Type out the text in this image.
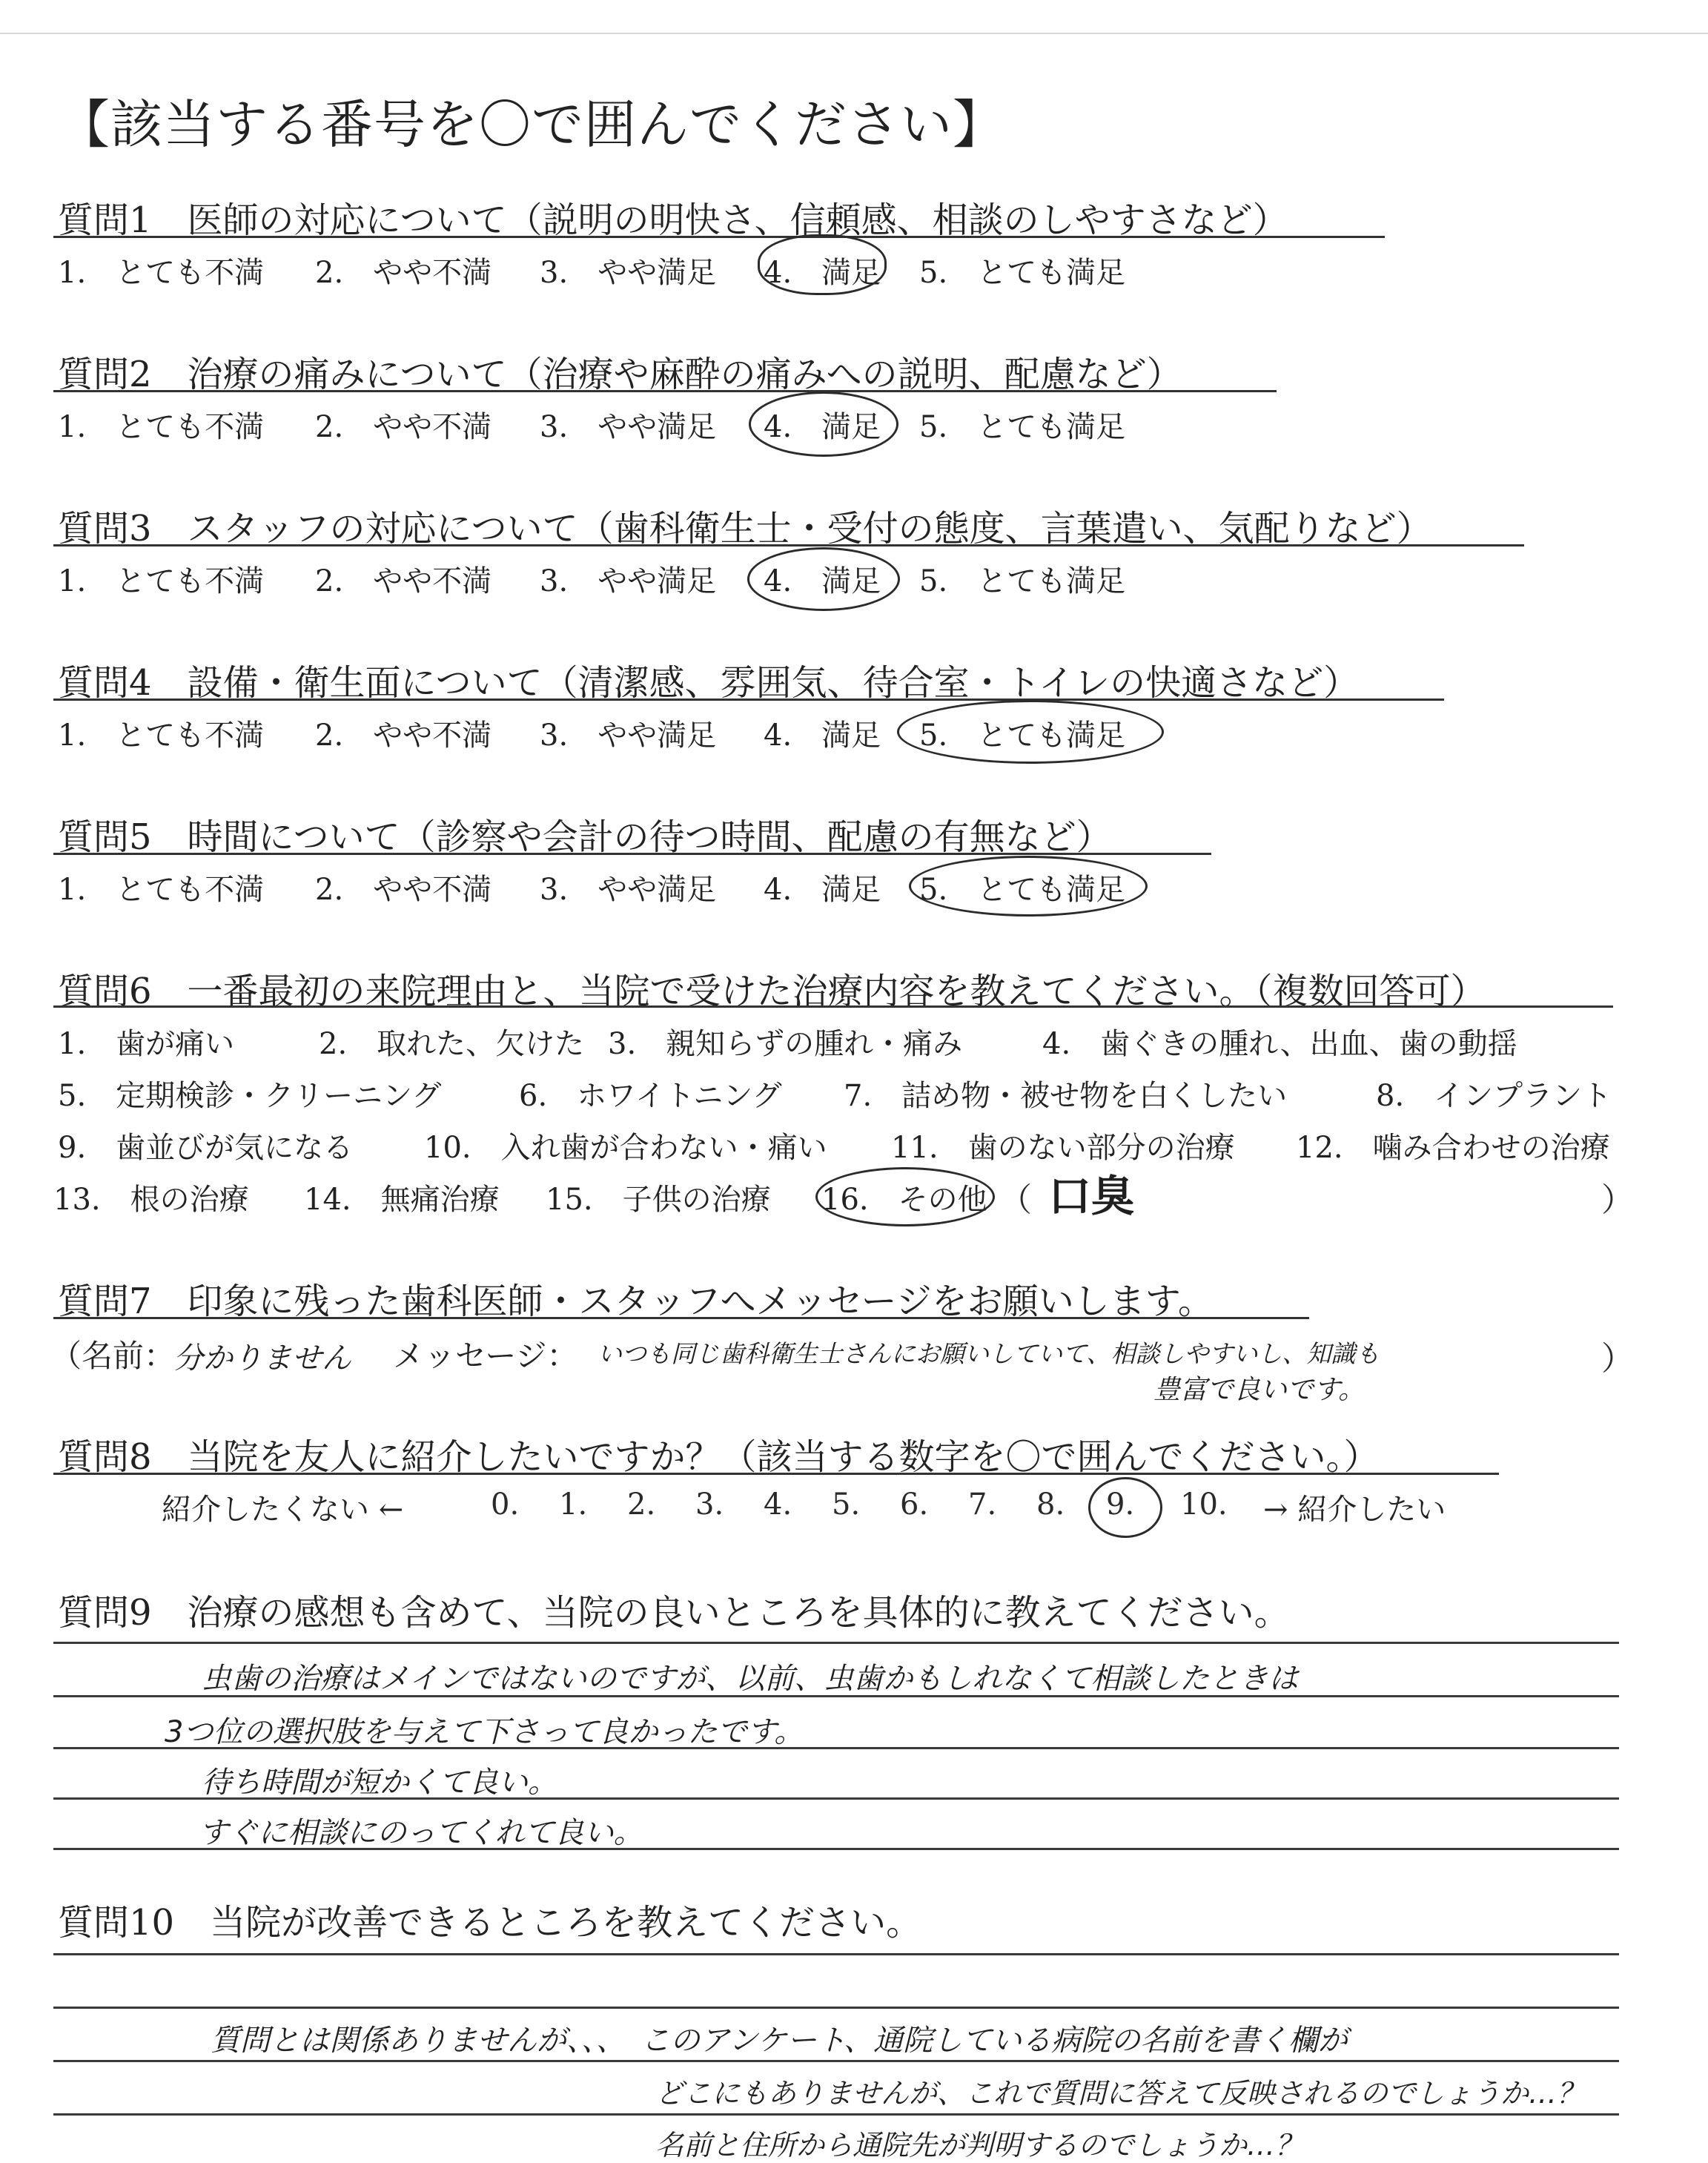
【該当する番号を〇で囲んでください】
質問1　医師の対応について（説明の明快さ、信頼感、相談のしやすさなど）
1.　とても不満 2.　やや不満 3.　やや満足 4.　満足 5.　とても満足
質問2　治療の痛みについて（治療や麻酔の痛みへの説明、配慮など）
1.　とても不満 2.　やや不満 3.　やや満足 4.　満足 5.　とても満足
質問3　スタッフの対応について（歯科衛生士・受付の態度、言葉遣い、気配りなど）
1.　とても不満 2.　やや不満 3.　やや満足 4.　満足 5.　とても満足
質問4　設備・衛生面について（清潔感、雰囲気、待合室・トイレの快適さなど）
1.　とても不満 2.　やや不満 3.　やや満足 4.　満足 5.　とても満足
質問5　時間について（診察や会計の待つ時間、配慮の有無など）
1.　とても不満 2.　やや不満 3.　やや満足 4.　満足 5.　とても満足
質問6　一番最初の来院理由と、当院で受けた治療内容を教えてください。（複数回答可）
1.　歯が痛い	2.　取れた、欠けた 3.　親知らずの腫れ・痛み	4.　歯ぐきの腫れ、出血、歯の動揺
5.　定期検診・クリーニング	6.　ホワイトニング 7.　詰め物・被せ物を白くしたい	8.　インプラント
9.　歯並びが気になる 10.　入れ歯が合わない・痛い 11.　歯のない部分の治療 12.　噛み合わせの治療
13.　根の治療 14.　無痛治療 15.　子供の治療 16.　その他 （ 口臭	）
質問7　印象に残った歯科医師・スタッフへメッセージをお願いします。
（名前：
分かりません メッセージ： いつも同じ歯科衛生士さんにお願いしていて、相談しやすいし、知識も
豊富で良いです。
）
質問8　当院を友人に紹介したいですか？（該当する数字を〇で囲んでください。）
紹介したくない ←	0. 1. 2. 3. 4. 5. 6. 7. 8. 9. 10. → 紹介したい
質問9　治療の感想も含めて、当院の良いところを具体的に教えてください。
虫歯の治療はメインではないのですが、以前、虫歯かもしれなくて相談したときは
3つ位の選択肢を与えて下さって良かったです。
待ち時間が短かくて良い。
すぐに相談にのってくれて良い。
質問10　当院が改善できるところを教えてください。
質問とは関係ありませんが、、、　このアンケート、通院している病院の名前を書く欄が
どこにもありませんが、これで質問に答えて反映されるのでしょうか…？
名前と住所から通院先が判明するのでしょうか…？
